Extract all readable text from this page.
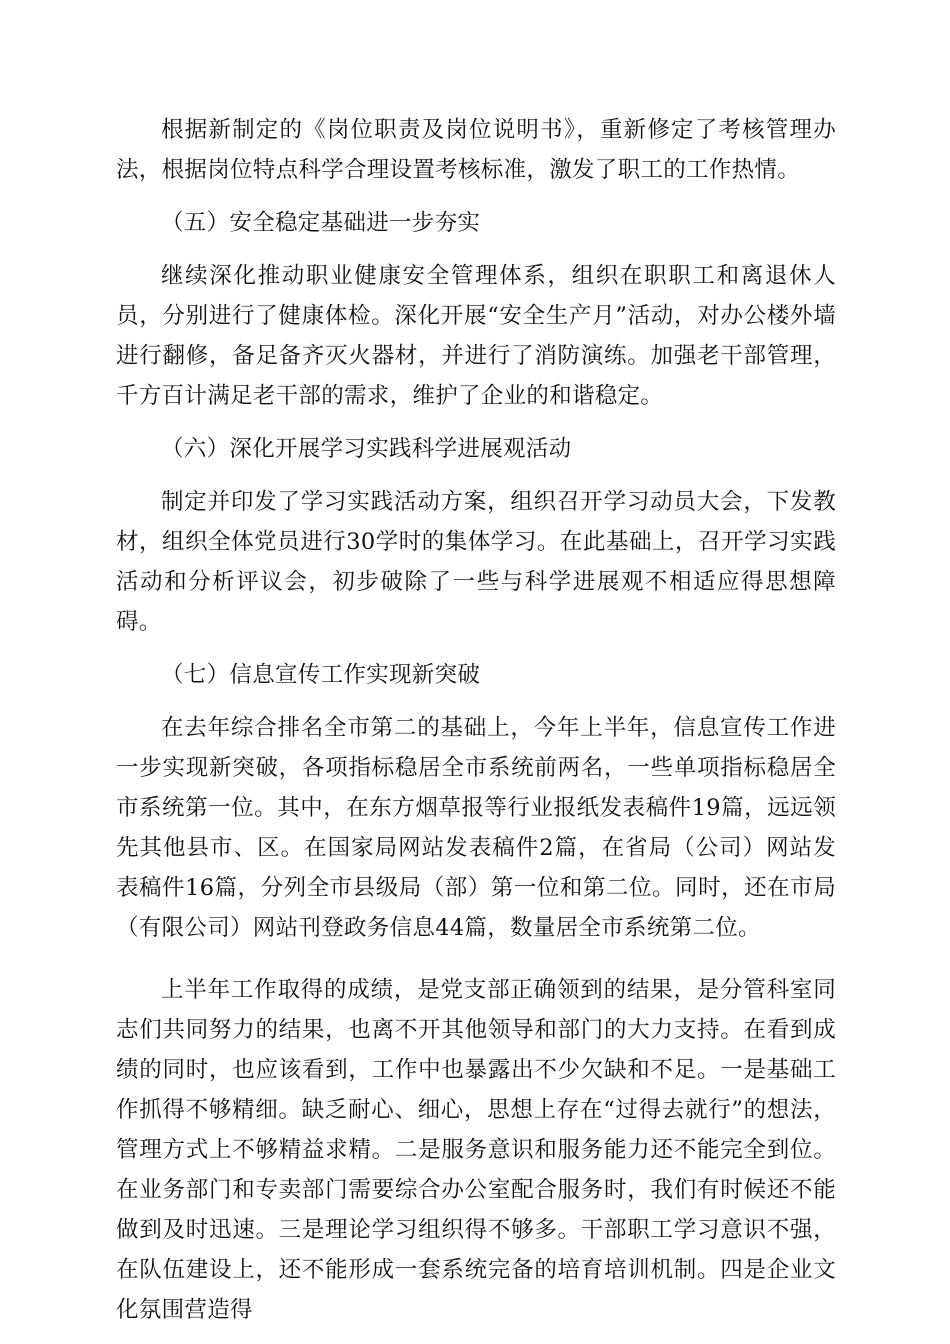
根据新制定的《岗位职责及岗位说明书》，重新修定了考核管理办法，根据岗位特点科学合理设置考核标准，激发了职工的工作热情。

（五）安全稳定基础进一步夯实

继续深化推动职业健康安全管理体系，组织在职职工和离退休人员，分别进行了健康体检。深化开展“安全生产月”活动，对办公楼外墙进行翻修，备足备齐灭火器材，并进行了消防演练。加强老干部管理，千方百计满足老干部的需求，维护了企业的和谐稳定。

（六）深化开展学习实践科学进展观活动

制定并印发了学习实践活动方案，组织召开学习动员大会，下发教材，组织全体党员进行30学时的集体学习。在此基础上，召开学习实践活动和分析评议会，初步破除了一些与科学进展观不相适应得思想障碍。

（七）信息宣传工作实现新突破

在去年综合排名全市第二的基础上，今年上半年，信息宣传工作进一步实现新突破，各项指标稳居全市系统前两名，一些单项指标稳居全市系统第一位。其中，在东方烟草报等行业报纸发表稿件19篇，远远领先其他县市、区。在国家局网站发表稿件2篇，在省局（公司）网站发表稿件16篇，分列全市县级局（部）第一位和第二位。同时，还在市局（有限公司）网站刊登政务信息44篇，数量居全市系统第二位。

上半年工作取得的成绩，是党支部正确领到的结果，是分管科室同志们共同努力的结果，也离不开其他领导和部门的大力支持。在看到成绩的同时，也应该看到，工作中也暴露出不少欠缺和不足。一是基础工作抓得不够精细。缺乏耐心、细心，思想上存在“过得去就行”的想法，管理方式上不够精益求精。二是服务意识和服务能力还不能完全到位。在业务部门和专卖部门需要综合办公室配合服务时，我们有时候还不能做到及时迅速。三是理论学习组织得不够多。干部职工学习意识不强，在队伍建设上，还不能形成一套系统完备的培育培训机制。四是企业文化氛围营造得
